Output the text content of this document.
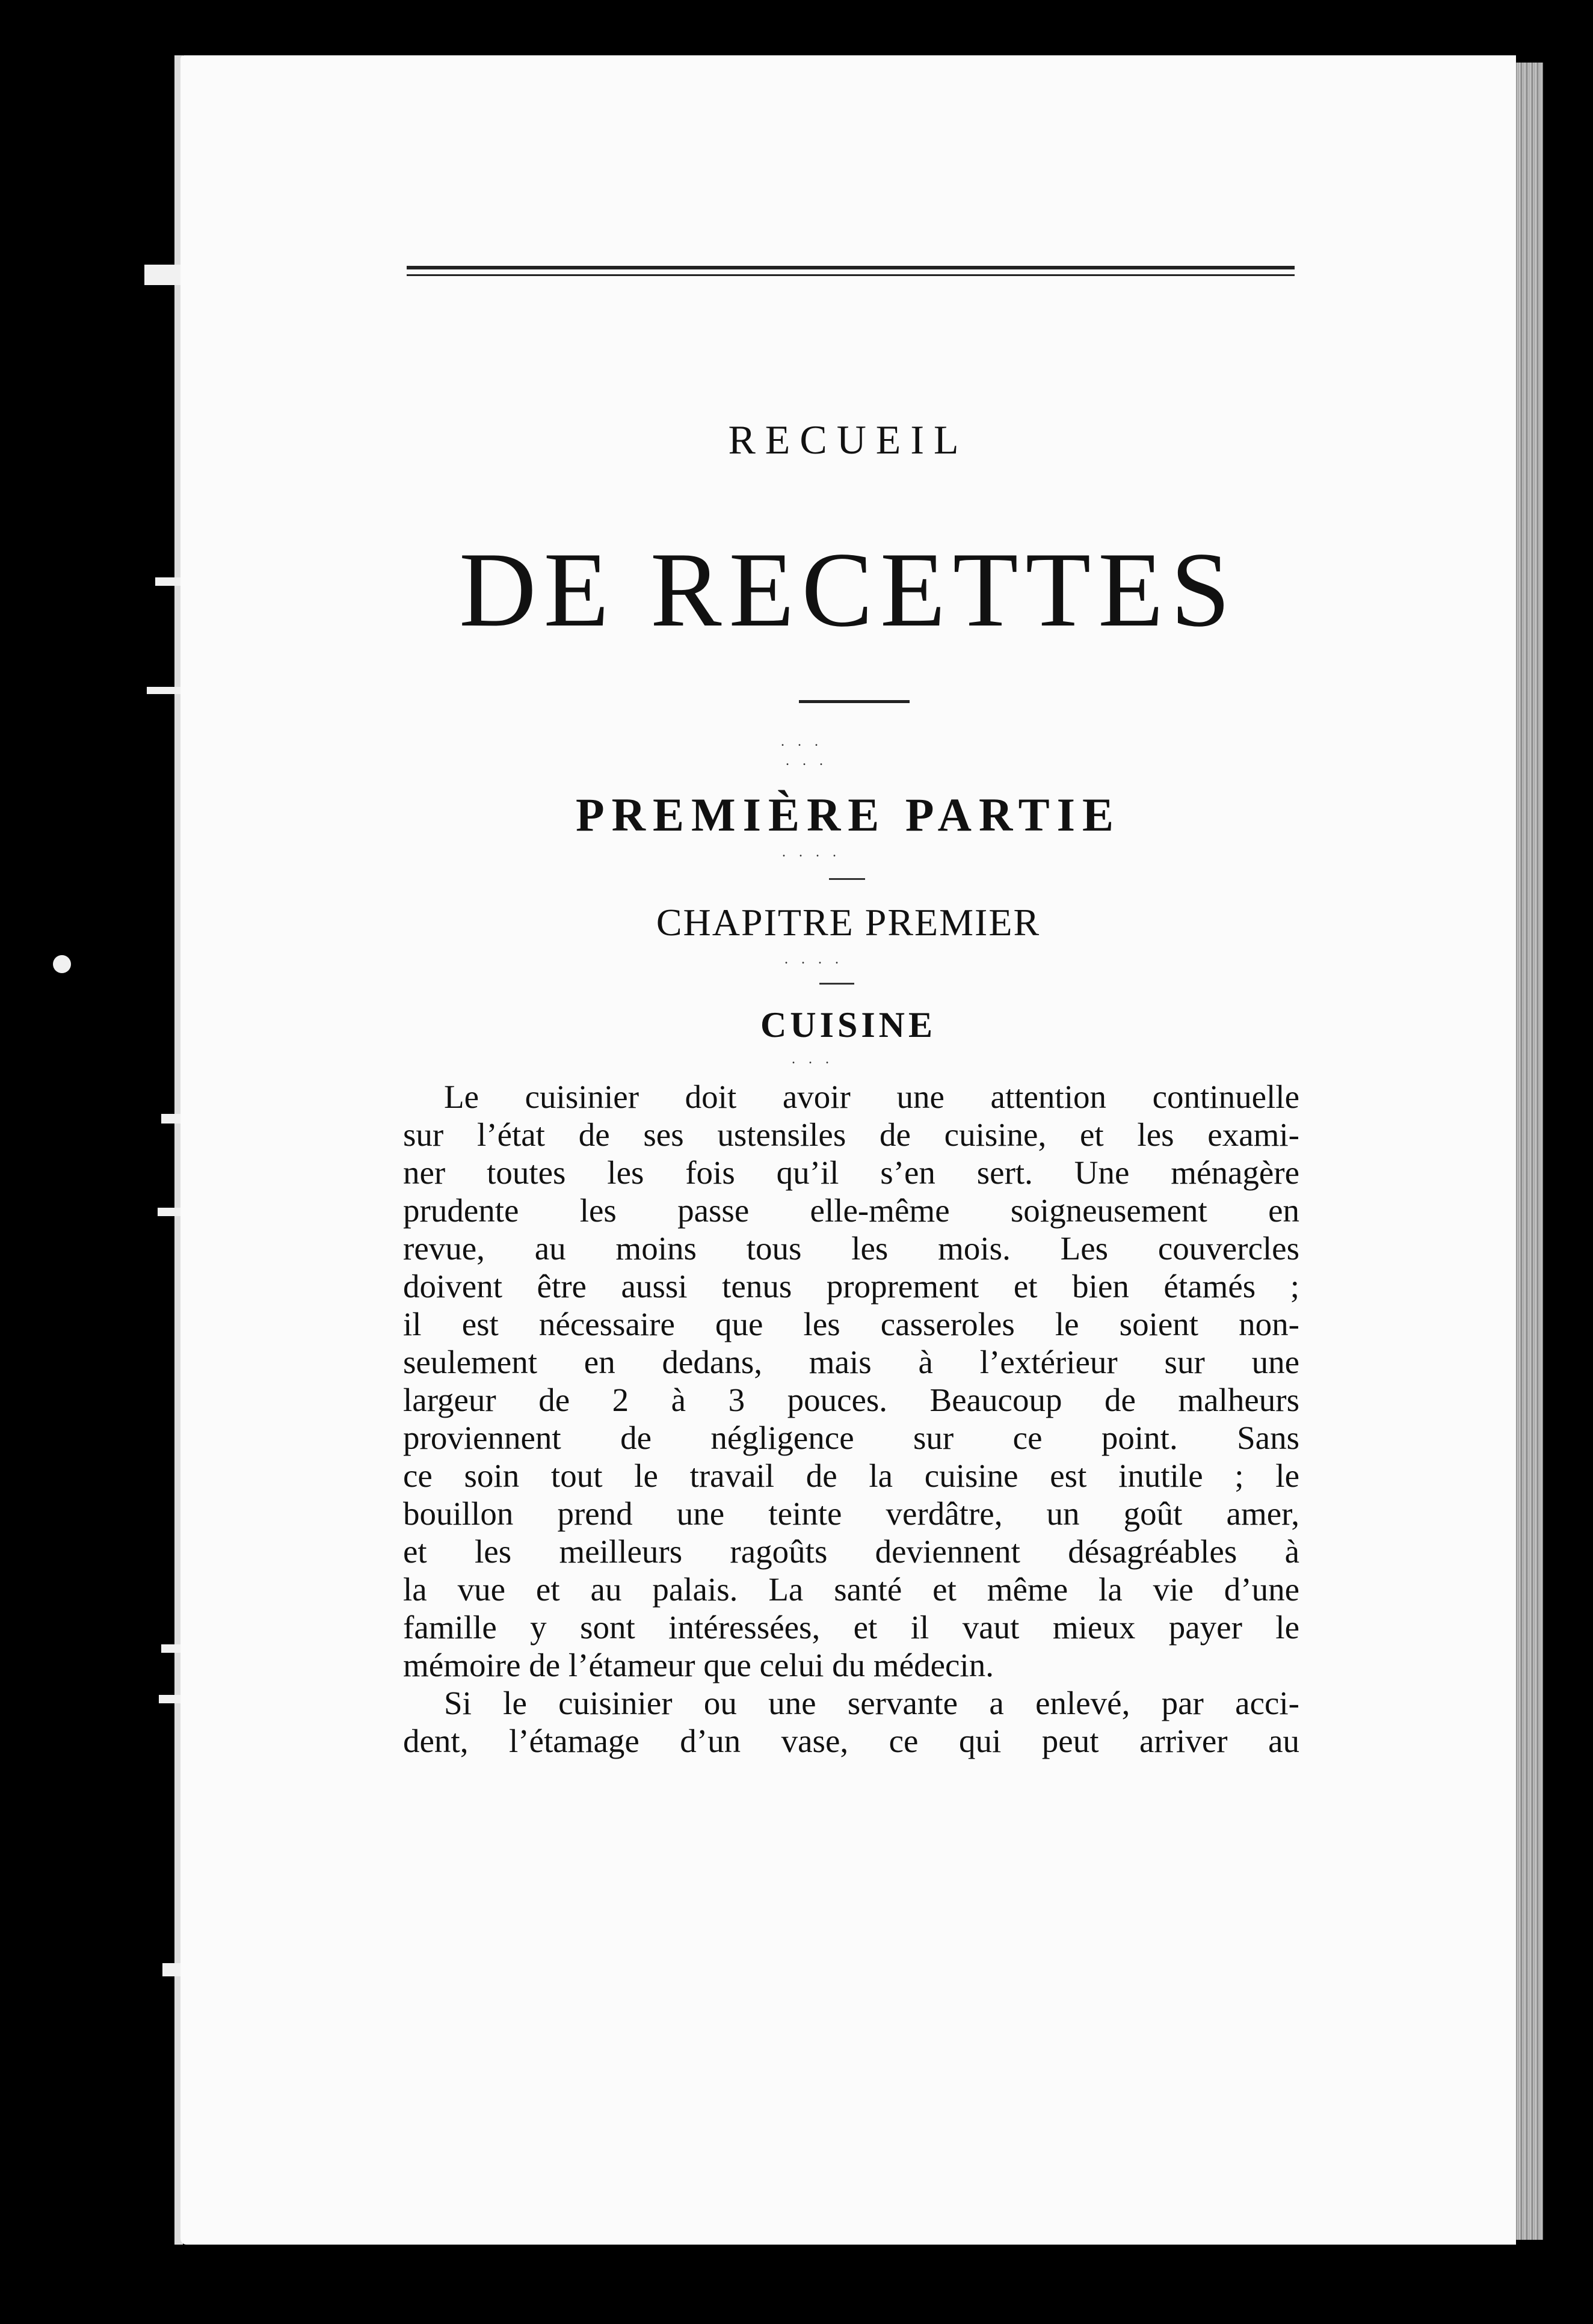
RECUEIL
DE RECETTES
. . .
. . .
PREMIÈRE PARTIE
. . . .
CHAPITRE PREMIER
. . . .
CUISINE
. . .
Le cuisinier doit avoir une attention continuelle
sur l’état de ses ustensiles de cuisine, et les exami-
ner toutes les fois qu’il s’en sert. Une ménagère
prudente les passe elle-même soigneusement en
revue, au moins tous les mois. Les couvercles
doivent être aussi tenus proprement et bien étamés ;
il est nécessaire que les casseroles le soient non-
seulement en dedans, mais à l’extérieur sur une
largeur de 2 à 3 pouces. Beaucoup de malheurs
proviennent de négligence sur ce point. Sans
ce soin tout le travail de la cuisine est inutile ; le
bouillon prend une teinte verdâtre, un goût amer,
et les meilleurs ragoûts deviennent désagréables à
la vue et au palais. La santé et même la vie d’une
famille y sont intéressées, et il vaut mieux payer le
mémoire de l’étameur que celui du médecin.
Si le cuisinier ou une servante a enlevé, par acci-
dent, l’étamage d’un vase, ce qui peut arriver au
